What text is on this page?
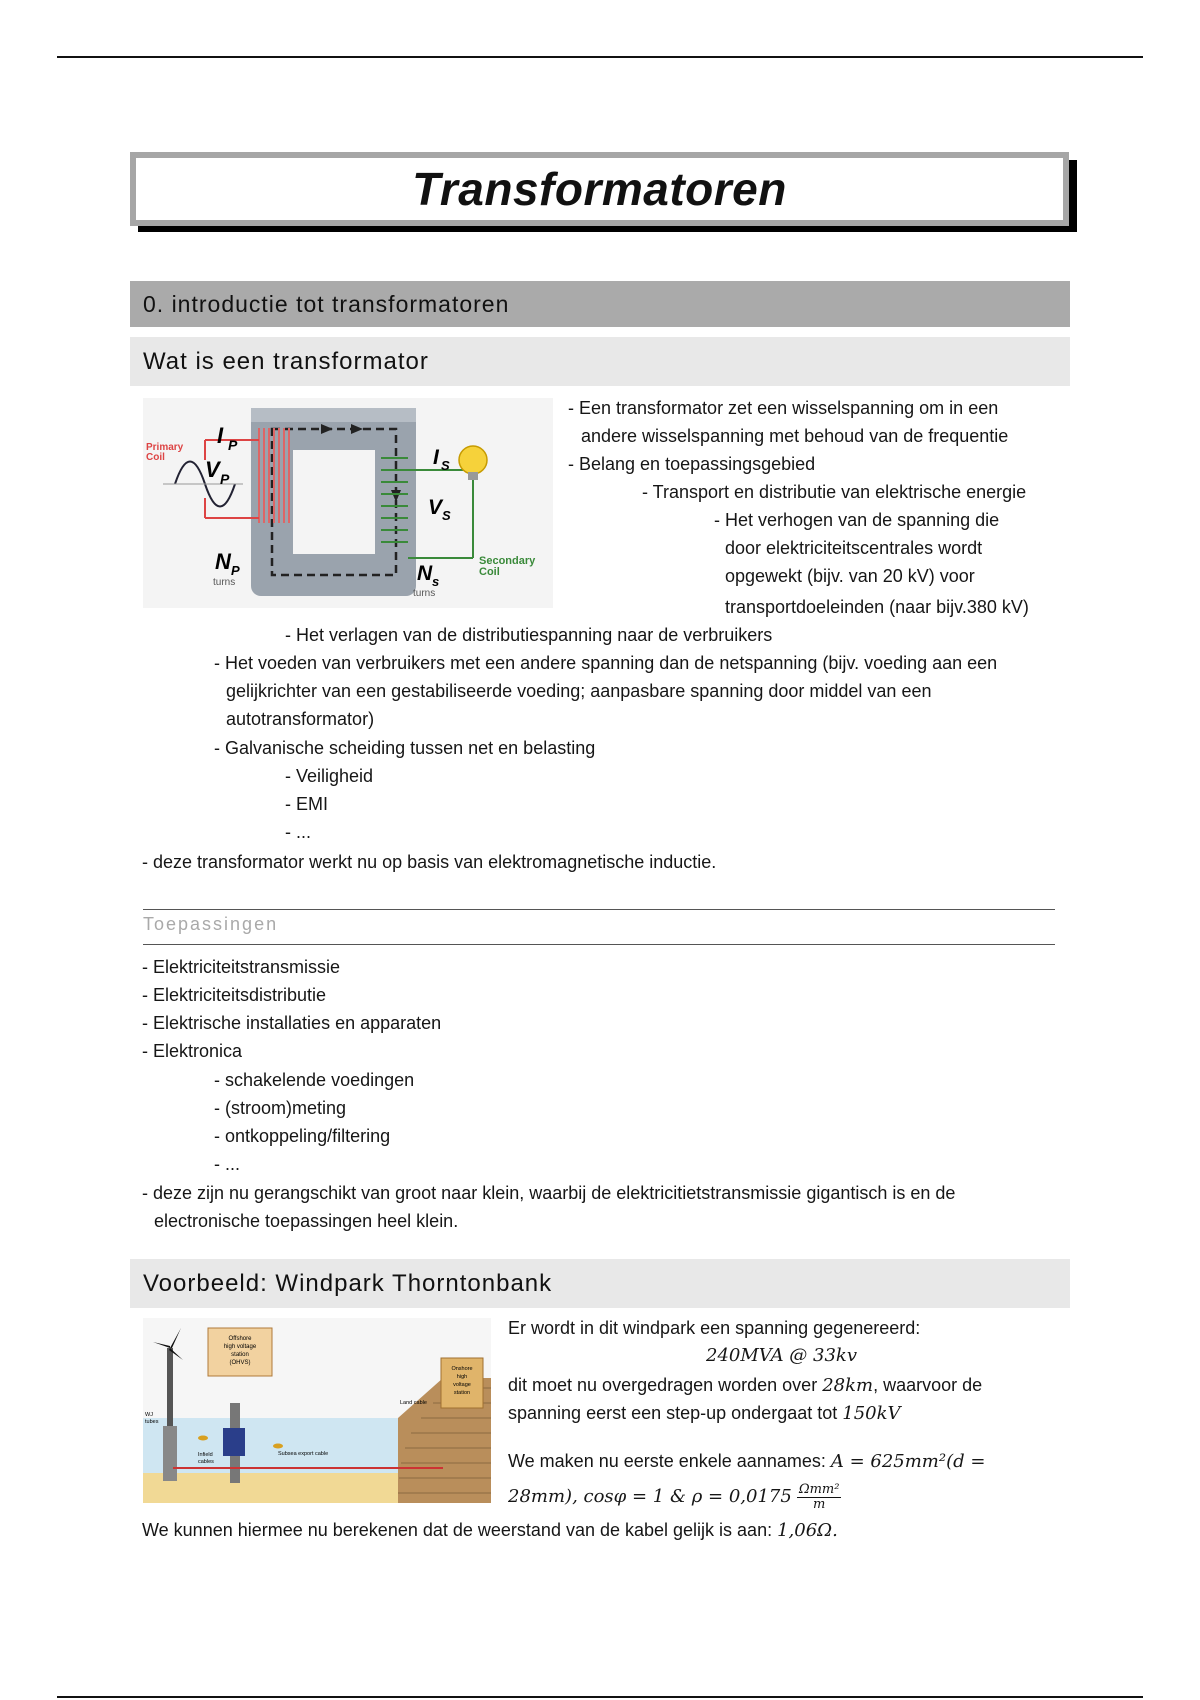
Transformatoren
0. introductie tot transformatoren
Wat is een transformator
Primary
Coil
I P
V P
N P
turns
I S
V S
N s
turns
Secondary
Coil
- Een transformator zet een wisselspanning om in een
andere wisselspanning met behoud van de frequentie
- Belang en toepassingsgebied
- Transport en distributie van elektrische energie
- Het verhogen van de spanning die
door elektriciteitscentrales wordt
opgewekt (bijv. van 20 kV) voor
transportdoeleinden (naar bijv.380 kV)
- Het verlagen van de distributiespanning naar de verbruikers
- Het voeden van verbruikers met een andere spanning dan de netspanning (bijv. voeding aan een
gelijkrichter van een gestabiliseerde voeding; aanpasbare spanning door middel van een
autotransformator)
- Galvanische scheiding tussen net en belasting
- Veiligheid
- EMI
- ...
- deze transformator werkt nu op basis van elektromagnetische inductie.
Toepassingen
- Elektriciteitstransmissie
- Elektriciteitsdistributie
- Elektrische installaties en apparaten
- Elektronica
- schakelende voedingen
- (stroom)meting
- ontkoppeling/filtering
- ...
- deze zijn nu gerangschikt van groot naar klein, waarbij de elektricitietstransmissie gigantisch is en de
electronische toepassingen heel klein.
Voorbeeld: Windpark Thorntonbank
Offshore
high voltage
station
(OHVS)
Onshore
high
voltage
station
Land cable
Subsea export cable
Infield
cables
WJ
tubes
Er wordt in dit windpark een spanning gegenereerd:
240MVA @ 33kv
dit moet nu overgedragen worden over 28km, waarvoor de
spanning eerst een step-up ondergaat tot 150kV
We maken nu eerste enkele aannames: A = 625mm²(d =
28mm), cosφ = 1 & $\rho = 0,0175 \frac{\text{Ωmm²}}{m}$
We kunnen hiermee nu berekenen dat de weerstand van de kabel gelijk is aan: 1,06Ω.
